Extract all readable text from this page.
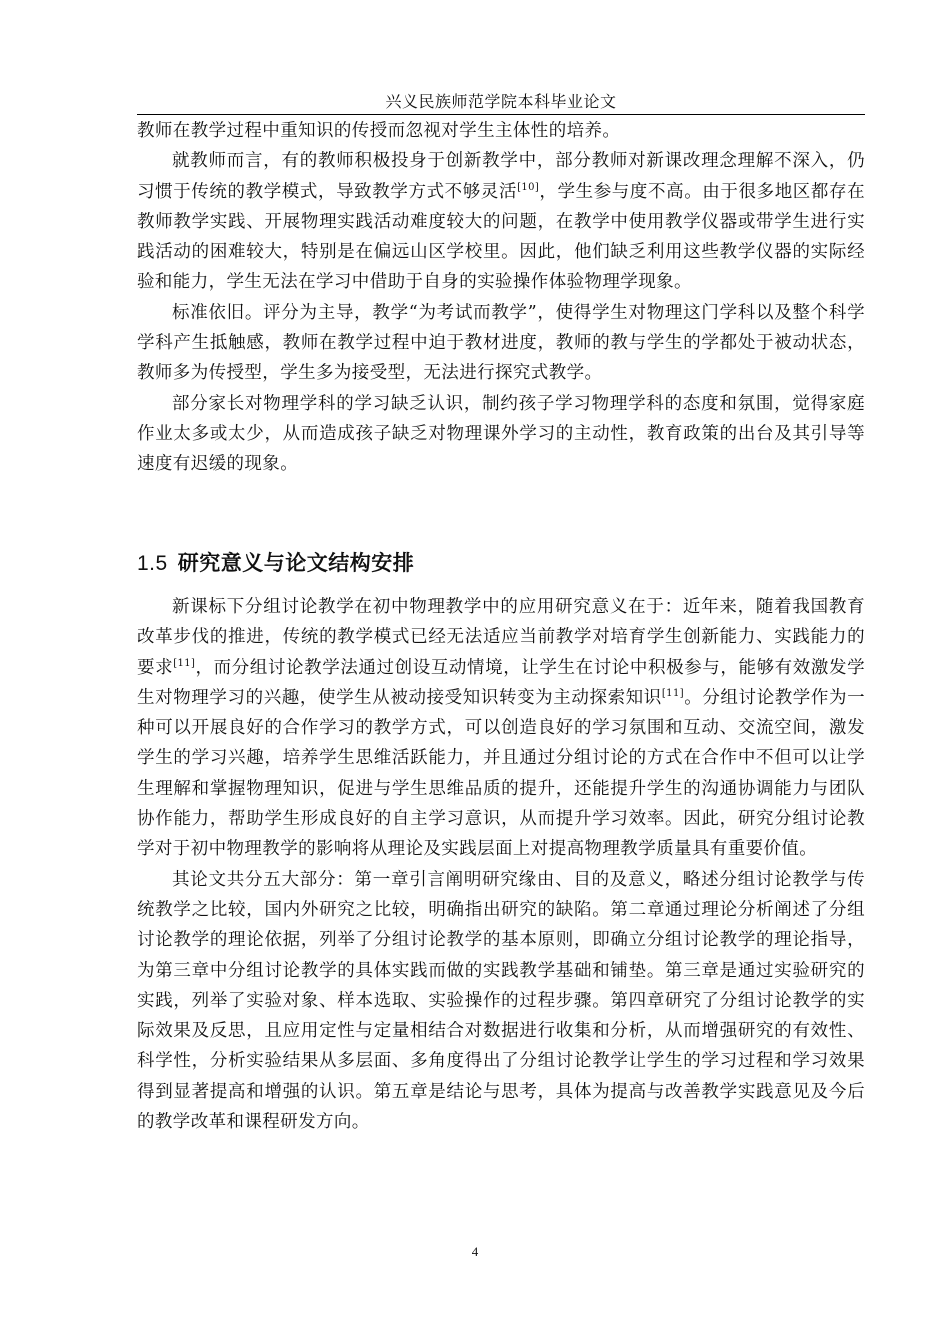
兴义民族师范学院本科毕业论文

教师在教学过程中重知识的传授而忽视对学生主体性的培养。

就教师而言，有的教师积极投身于创新教学中，部分教师对新课改理念理解不深入，仍习惯于传统的教学模式，导致教学方式不够灵活[10]，学生参与度不高。由于很多地区都存在教师教学实践、开展物理实践活动难度较大的问题，在教学中使用教学仪器或带学生进行实践活动的困难较大，特别是在偏远山区学校里。因此，他们缺乏利用这些教学仪器的实际经验和能力，学生无法在学习中借助于自身的实验操作体验物理学现象。

标准依旧。评分为主导，教学“为考试而教学”，使得学生对物理这门学科以及整个科学学科产生抵触感，教师在教学过程中迫于教材进度，教师的教与学生的学都处于被动状态，教师多为传授型，学生多为接受型，无法进行探究式教学。

部分家长对物理学科的学习缺乏认识，制约孩子学习物理学科的态度和氛围，觉得家庭作业太多或太少，从而造成孩子缺乏对物理课外学习的主动性，教育政策的出台及其引导等速度有迟缓的现象。

1.5 研究意义与论文结构安排

新课标下分组讨论教学在初中物理教学中的应用研究意义在于：近年来，随着我国教育改革步伐的推进，传统的教学模式已经无法适应当前教学对培育学生创新能力、实践能力的要求[11]，而分组讨论教学法通过创设互动情境，让学生在讨论中积极参与，能够有效激发学生对物理学习的兴趣，使学生从被动接受知识转变为主动探索知识[11]。分组讨论教学作为一种可以开展良好的合作学习的教学方式，可以创造良好的学习氛围和互动、交流空间，激发学生的学习兴趣，培养学生思维活跃能力，并且通过分组讨论的方式在合作中不但可以让学生理解和掌握物理知识，促进与学生思维品质的提升，还能提升学生的沟通协调能力与团队协作能力，帮助学生形成良好的自主学习意识，从而提升学习效率。因此，研究分组讨论教学对于初中物理教学的影响将从理论及实践层面上对提高物理教学质量具有重要价值。

其论文共分五大部分：第一章引言阐明研究缘由、目的及意义，略述分组讨论教学与传统教学之比较，国内外研究之比较，明确指出研究的缺陷。第二章通过理论分析阐述了分组讨论教学的理论依据，列举了分组讨论教学的基本原则，即确立分组讨论教学的理论指导，为第三章中分组讨论教学的具体实践而做的实践教学基础和铺垫。第三章是通过实验研究的实践，列举了实验对象、样本选取、实验操作的过程步骤。第四章研究了分组讨论教学的实际效果及反思，且应用定性与定量相结合对数据进行收集和分析，从而增强研究的有效性、科学性，分析实验结果从多层面、多角度得出了分组讨论教学让学生的学习过程和学习效果得到显著提高和增强的认识。第五章是结论与思考，具体为提高与改善教学实践意见及今后的教学改革和课程研发方向。

4
